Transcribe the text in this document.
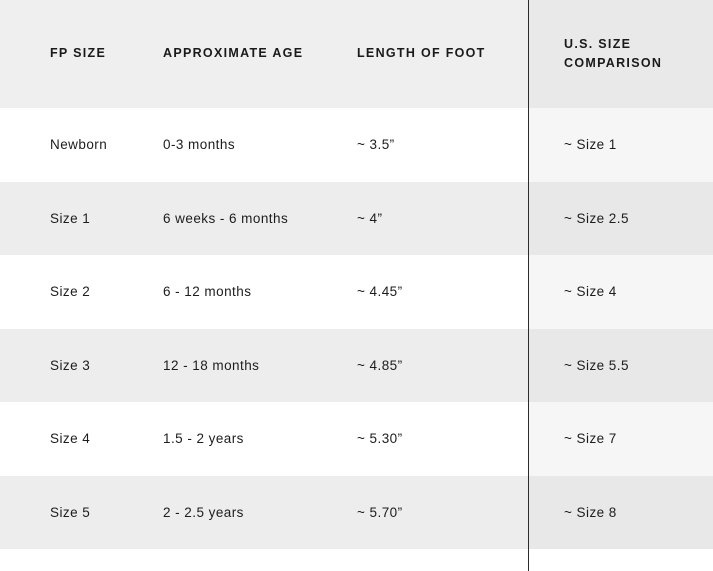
FP SIZE	APPROXIMATE AGE	LENGTH OF FOOT	U.S. SIZE
COMPARISON

Newborn	0-3 months	~ 3.5”	~ Size 1
Size 1	6 weeks - 6 months	~ 4”	~ Size 2.5
Size 2	6 - 12 months	~ 4.45”	~ Size 4
Size 3	12 - 18 months	~ 4.85”	~ Size 5.5
Size 4	1.5 - 2 years	~ 5.30”	~ Size 7
Size 5	2 - 2.5 years	~ 5.70”	~ Size 8
